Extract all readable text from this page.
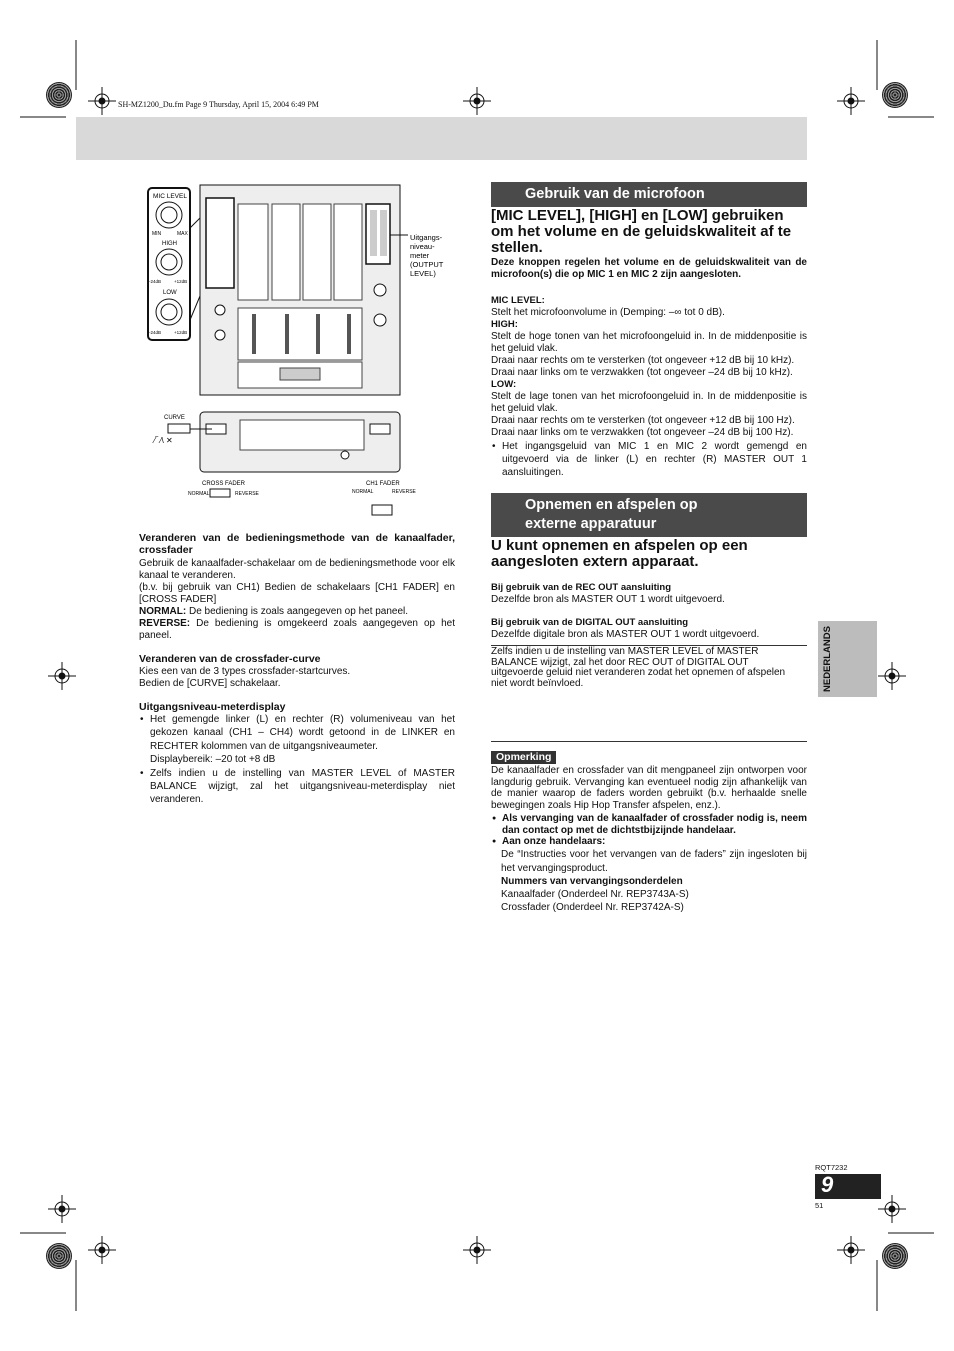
SH-MZ1200_Du.fm Page 9 Thursday, April 15, 2004 6:49 PM
MIC LEVEL
MIN	MAX
HIGH
-24dB	+12dB
LOW
-24dB	+12dB
Uitgangs-niveau-meter (OUTPUT LEVEL)
CURVE
⁄‾ ⁄\ ✕
CROSS FADER
NORMAL	REVERSE
CH1 FADER
NORMAL	REVERSE
Veranderen van de bedieningsmethode van de kanaalfader, crossfader
Gebruik de kanaalfader-schakelaar om de bedieningsmethode voor elk kanaal te veranderen.
(b.v. bij gebruik van CH1) Bedien de schakelaars [CH1 FADER] en [CROSS FADER]
NORMAL: De bediening is zoals aangegeven op het paneel.
REVERSE: De bediening is omgekeerd zoals aangegeven op het paneel.
Veranderen van de crossfader-curve
Kies een van de 3 types crossfader-startcurves.
Bedien de [CURVE] schakelaar.
Uitgangsniveau-meterdisplay
• Het gemengde linker (L) en rechter (R) volumeniveau van het gekozen kanaal (CH1 – CH4) wordt getoond in de LINKER en RECHTER kolommen van de uitgangsniveaumeter.
Displaybereik: –20 tot +8 dB
• Zelfs indien u de instelling van MASTER LEVEL of MASTER BALANCE wijzigt, zal het uitgangsniveau-meterdisplay niet veranderen.
Gebruik van de microfoon
[MIC LEVEL], [HIGH] en [LOW] gebruiken om het volume en de geluidskwaliteit af te stellen.
Deze knoppen regelen het volume en de geluidskwaliteit van de microfoon(s) die op MIC 1 en MIC 2 zijn aangesloten.
MIC LEVEL:
Stelt het microfoonvolume in (Demping: –∞ tot 0 dB).
HIGH:
Stelt de hoge tonen van het microfoongeluid in. In de middenpositie is het geluid vlak.
Draai naar rechts om te versterken (tot ongeveer +12 dB bij 10 kHz).
Draai naar links om te verzwakken (tot ongeveer –24 dB bij 10 kHz).
LOW:
Stelt de lage tonen van het microfoongeluid in. In de middenpositie is het geluid vlak.
Draai naar rechts om te versterken (tot ongeveer +12 dB bij 100 Hz).
Draai naar links om te verzwakken (tot ongeveer –24 dB bij 100 Hz).
• Het ingangsgeluid van MIC 1 en MIC 2 wordt gemengd en uitgevoerd via de linker (L) en rechter (R) MASTER OUT 1 aansluitingen.
Opnemen en afspelen op
externe apparatuur
U kunt opnemen en afspelen op een aangesloten extern apparaat.
Bij gebruik van de REC OUT aansluiting
Dezelfde bron als MASTER OUT 1 wordt uitgevoerd.
Bij gebruik van de DIGITAL OUT aansluiting
Dezelfde digitale bron als MASTER OUT 1 wordt uitgevoerd.
Zelfs indien u de instelling van MASTER LEVEL of MASTER BALANCE wijzigt, zal het door REC OUT of DIGITAL OUT uitgevoerde geluid niet veranderen zodat het opnemen of afspelen niet wordt beïnvloed.
Opmerking
De kanaalfader en crossfader van dit mengpaneel zijn ontworpen voor langdurig gebruik. Vervanging kan eventueel nodig zijn afhankelijk van de manier waarop de faders worden gebruikt (b.v. herhaalde snelle bewegingen zoals Hip Hop Transfer afspelen, enz.).
● Als vervanging van de kanaalfader of crossfader nodig is, neem dan contact op met de dichtstbijzijnde handelaar.
● Aan onze handelaars:
De “Instructies voor het vervangen van de faders” zijn ingesloten bij het vervangingsproduct.
Nummers van vervangingsonderdelen
Kanaalfader (Onderdeel Nr. REP3743A-S)
Crossfader (Onderdeel Nr. REP3742A-S)
NEDERLANDS
RQT7232
9
51
